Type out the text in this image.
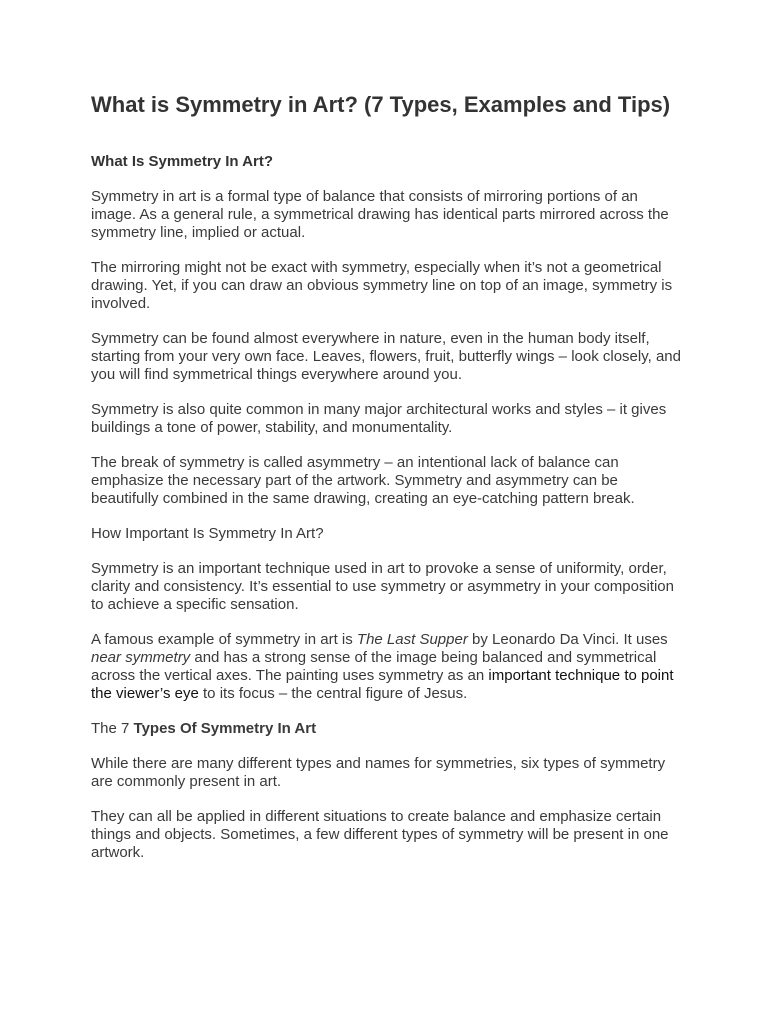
What is Symmetry in Art? (7 Types, Examples and Tips)
What Is Symmetry In Art?

Symmetry in art is a formal type of balance that consists of mirroring portions of an image. As a general rule, a symmetrical drawing has identical parts mirrored across the symmetry line, implied or actual.

The mirroring might not be exact with symmetry, especially when it’s not a geometrical drawing. Yet, if you can draw an obvious symmetry line on top of an image, symmetry is involved.

Symmetry can be found almost everywhere in nature, even in the human body itself, starting from your very own face. Leaves, flowers, fruit, butterfly wings – look closely, and you will find symmetrical things everywhere around you.

Symmetry is also quite common in many major architectural works and styles – it gives buildings a tone of power, stability, and monumentality.

The break of symmetry is called asymmetry – an intentional lack of balance can emphasize the necessary part of the artwork. Symmetry and asymmetry can be beautifully combined in the same drawing, creating an eye-catching pattern break.

How Important Is Symmetry In Art?

Symmetry is an important technique used in art to provoke a sense of uniformity, order, clarity and consistency. It’s essential to use symmetry or asymmetry in your composition to achieve a specific sensation.

A famous example of symmetry in art is The Last Supper by Leonardo Da Vinci. It uses near symmetry and has a strong sense of the image being balanced and symmetrical across the vertical axes. The painting uses symmetry as an important technique to point the viewer’s eye to its focus – the central figure of Jesus.

The 7 Types Of Symmetry In Art

While there are many different types and names for symmetries, six types of symmetry are commonly present in art.

They can all be applied in different situations to create balance and emphasize certain things and objects. Sometimes, a few different types of symmetry will be present in one artwork.
